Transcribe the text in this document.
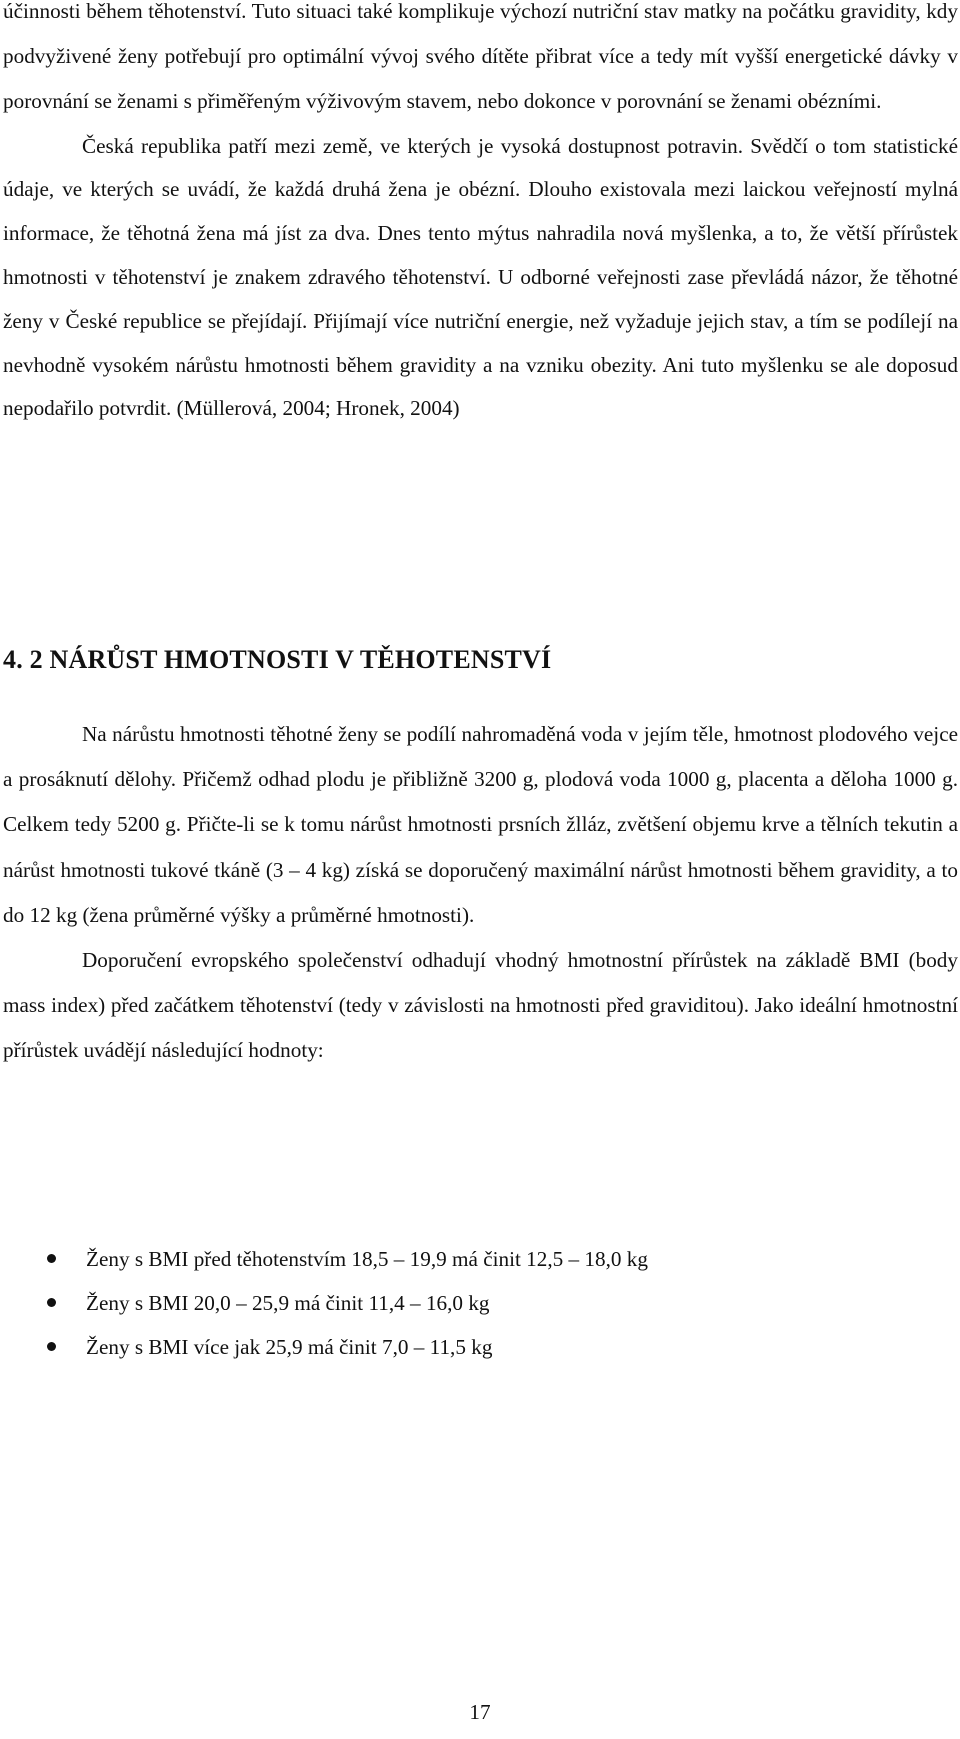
účinnosti během těhotenství. Tuto situaci také komplikuje výchozí nutriční stav matky na počátku gravidity, kdy podvyživené ženy potřebují pro optimální vývoj svého dítěte přibrat více a tedy mít vyšší energetické dávky v porovnání se ženami s přiměřeným výživovým stavem, nebo dokonce v porovnání se ženami obézními.

Česká republika patří mezi země, ve kterých je vysoká dostupnost potravin. Svědčí o tom statistické údaje, ve kterých se uvádí, že každá druhá žena je obézní. Dlouho existovala mezi laickou veřejností mylná informace, že těhotná žena má jíst za dva. Dnes tento mýtus nahradila nová myšlenka, a to, že větší přírůstek hmotnosti v těhotenství je znakem zdravého těhotenství. U odborné veřejnosti zase převládá názor, že těhotné ženy v České republice se přejídají. Přijímají více nutriční energie, než vyžaduje jejich stav, a tím se podílejí na nevhodně vysokém nárůstu hmotnosti během gravidity a na vzniku obezity. Ani tuto myšlenku se ale doposud nepodařilo potvrdit. (Müllerová, 2004; Hronek, 2004)

4. 2 NÁRŮST HMOTNOSTI V TĚHOTENSTVÍ

Na nárůstu hmotnosti těhotné ženy se podílí nahromaděná voda v jejím těle, hmotnost plodového vejce a prosáknutí dělohy. Přičemž odhad plodu je přibližně 3200 g, plodová voda 1000 g, placenta a děloha 1000 g. Celkem tedy 5200 g. Přičte-li se k tomu nárůst hmotnosti prsních žlláz, zvětšení objemu krve a tělních tekutin a nárůst hmotnosti tukové tkáně (3 – 4 kg) získá se doporučený maximální nárůst hmotnosti během gravidity, a to do 12 kg (žena průměrné výšky a průměrné hmotnosti).

Doporučení evropského společenství odhadují vhodný hmotnostní přírůstek na základě BMI (body mass index) před začátkem těhotenství (tedy v závislosti na hmotnosti před graviditou). Jako ideální hmotnostní přírůstek uvádějí následující hodnoty:

Ženy s BMI před těhotenstvím 18,5 – 19,9 má činit 12,5 – 18,0 kg
Ženy s BMI 20,0 – 25,9 má činit 11,4 – 16,0 kg
Ženy s BMI více jak 25,9 má činit 7,0 – 11,5 kg
17
